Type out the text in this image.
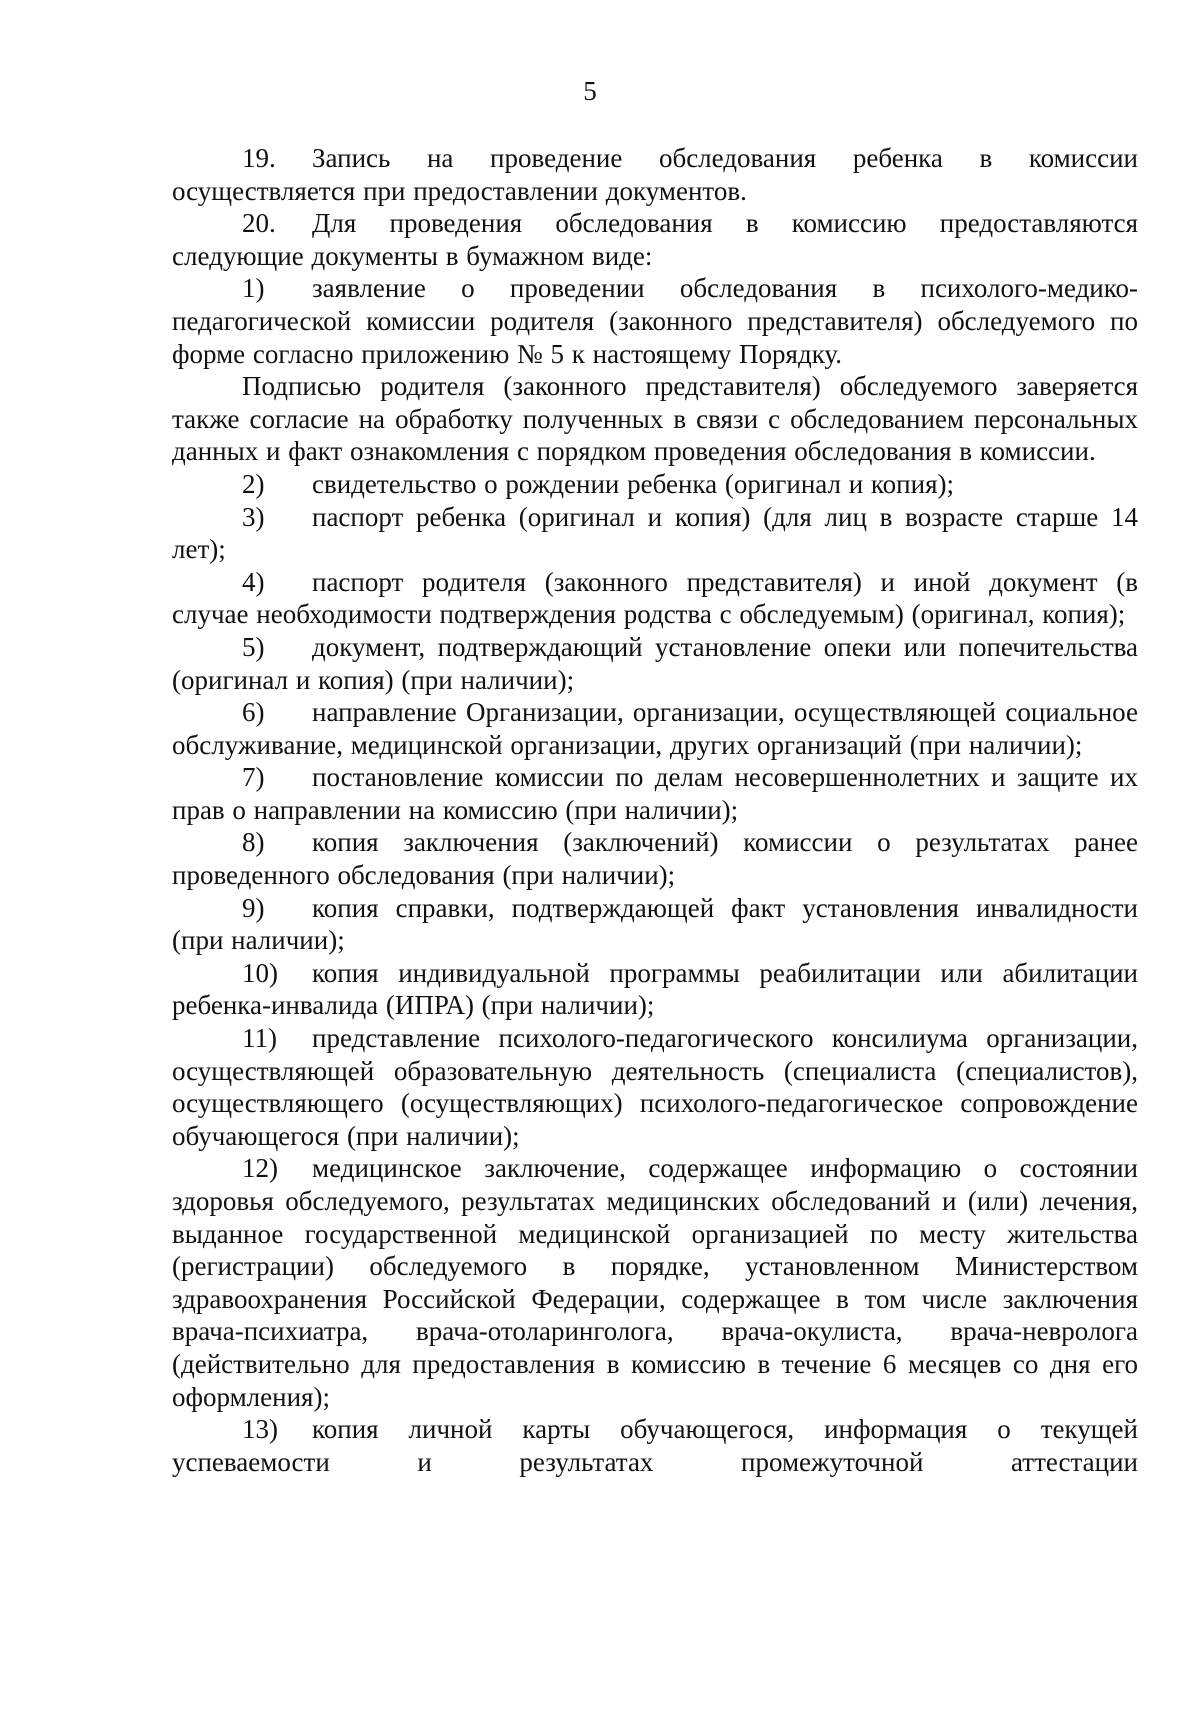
5

19. Запись на проведение обследования ребенка в комиссии осуществляется при предоставлении документов.

20. Для проведения обследования в комиссию предоставляются следующие документы в бумажном виде:

1) заявление о проведении обследования в психолого-медико-педагогической комиссии родителя (законного представителя) обследуемого по форме согласно приложению № 5 к настоящему Порядку.

Подписью родителя (законного представителя) обследуемого заверяется также согласие на обработку полученных в связи с обследованием персональных данных и факт ознакомления с порядком проведения обследования в комиссии.

2) свидетельство о рождении ребенка (оригинал и копия);

3) паспорт ребенка (оригинал и копия) (для лиц в возрасте старше 14 лет);

4) паспорт родителя (законного представителя) и иной документ (в случае необходимости подтверждения родства с обследуемым) (оригинал, копия);

5) документ, подтверждающий установление опеки или попечительства (оригинал и копия) (при наличии);

6) направление Организации, организации, осуществляющей социальное обслуживание, медицинской организации, других организаций (при наличии);

7) постановление комиссии по делам несовершеннолетних и защите их прав о направлении на комиссию (при наличии);

8) копия заключения (заключений) комиссии о результатах ранее проведенного обследования (при наличии);

9) копия справки, подтверждающей факт установления инвалидности (при наличии);

10) копия индивидуальной программы реабилитации или абилитации ребенка-инвалида (ИПРА) (при наличии);

11) представление психолого-педагогического консилиума организации, осуществляющей образовательную деятельность (специалиста (специалистов), осуществляющего (осуществляющих) психолого-педагогическое сопровождение обучающегося (при наличии);

12) медицинское заключение, содержащее информацию о состоянии здоровья обследуемого, результатах медицинских обследований и (или) лечения, выданное государственной медицинской организацией по месту жительства (регистрации) обследуемого в порядке, установленном Министерством здравоохранения Российской Федерации, содержащее в том числе заключения врача-психиатра, врача-отоларинголога, врача-окулиста, врача-невролога (действительно для предоставления в комиссию в течение 6 месяцев со дня его оформления);

13) копия личной карты обучающегося, информация о текущей успеваемости и результатах промежуточной аттестации
